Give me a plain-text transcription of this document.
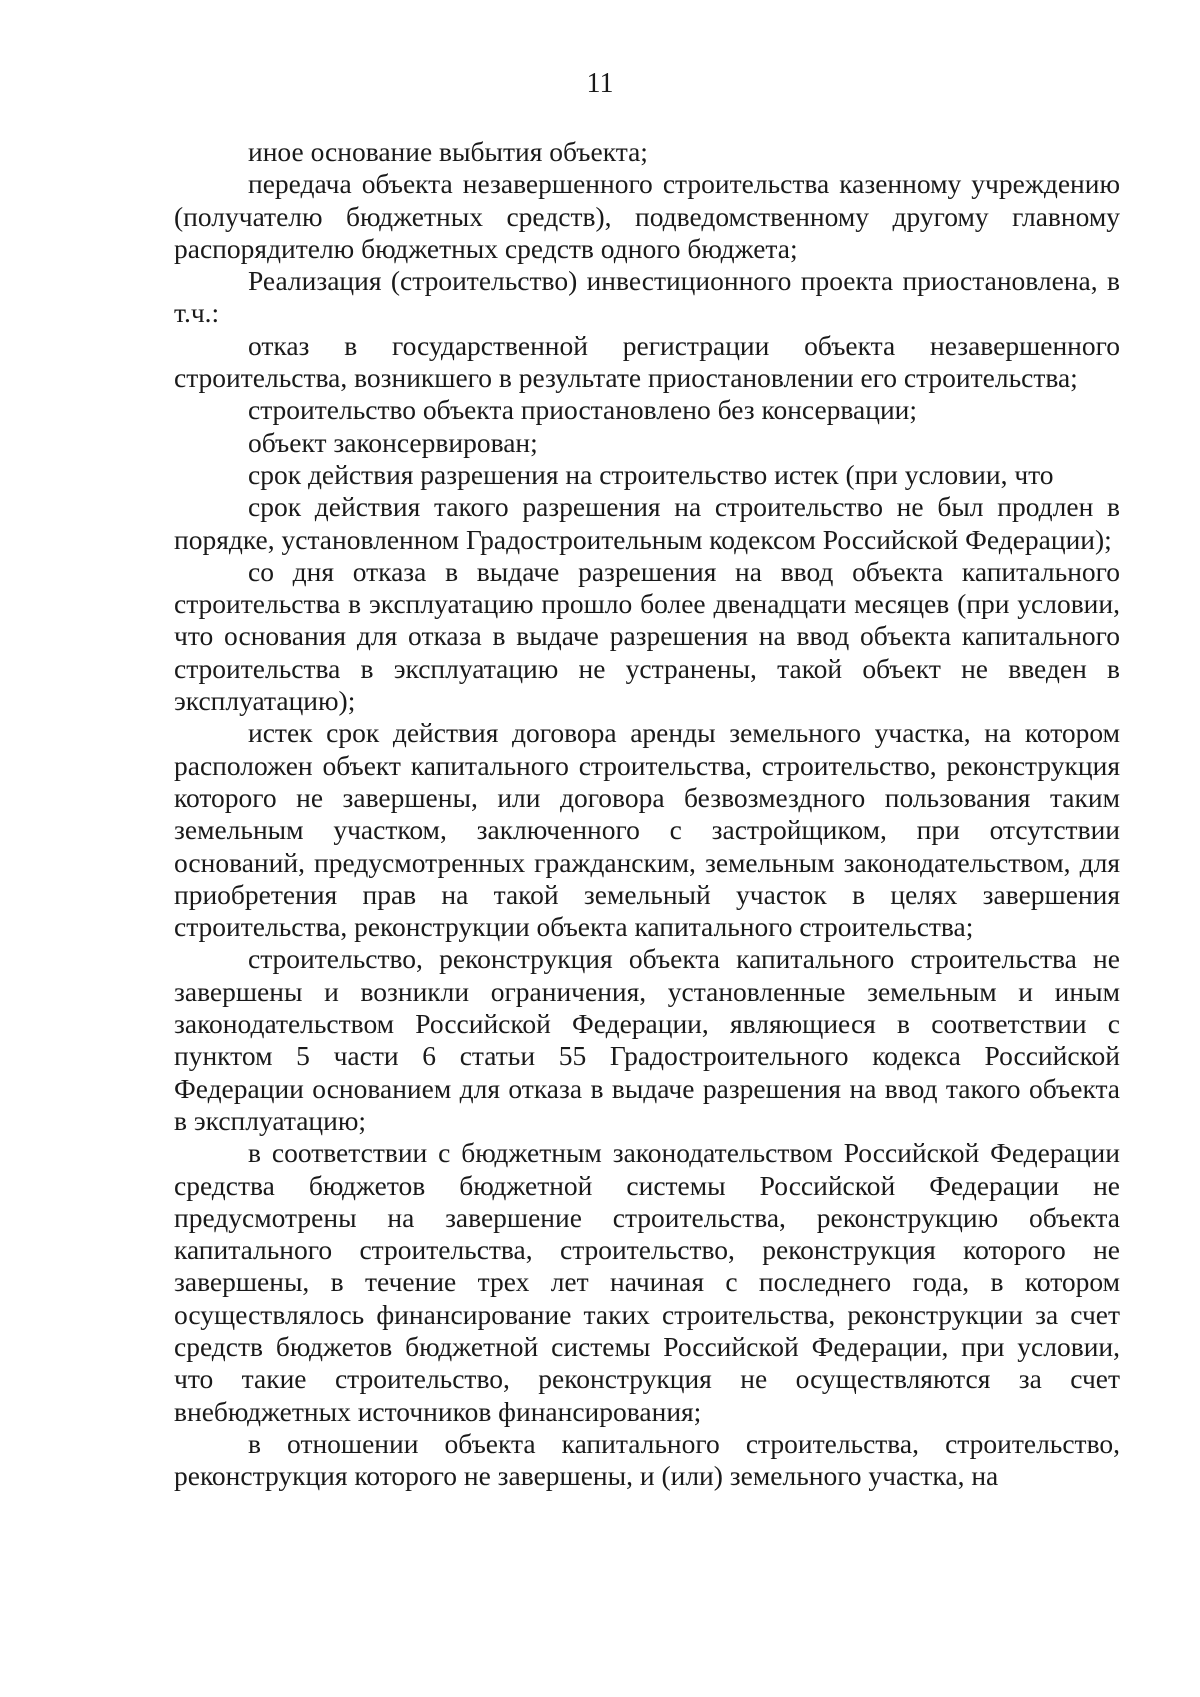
11

иное основание выбытия объекта;

передача объекта незавершенного строительства казенному учреждению (получателю бюджетных средств), подведомственному другому главному распорядителю бюджетных средств одного бюджета;

Реализация (строительство) инвестиционного проекта приостановлена, в т.ч.:

отказ в государственной регистрации объекта незавершенного строительства, возникшего в результате приостановлении его строительства;

строительство объекта приостановлено без консервации;

объект законсервирован;

срок действия разрешения на строительство истек (при условии, что

срок действия такого разрешения на строительство не был продлен в порядке, установленном Градостроительным кодексом Российской Федерации);

со дня отказа в выдаче разрешения на ввод объекта капитального строительства в эксплуатацию прошло более двенадцати месяцев (при условии, что основания для отказа в выдаче разрешения на ввод объекта капитального строительства в эксплуатацию не устранены, такой объект не введен в эксплуатацию);

истек срок действия договора аренды земельного участка, на котором расположен объект капитального строительства, строительство, реконструкция которого не завершены, или договора безвозмездного пользования таким земельным участком, заключенного с застройщиком, при отсутствии оснований, предусмотренных гражданским, земельным законодательством, для приобретения прав на такой земельный участок в целях завершения строительства, реконструкции объекта капитального строительства;

строительство, реконструкция объекта капитального строительства не завершены и возникли ограничения, установленные земельным и иным законодательством Российской Федерации, являющиеся в соответствии с пунктом 5 части 6 статьи 55 Градостроительного кодекса Российской Федерации основанием для отказа в выдаче разрешения на ввод такого объекта в эксплуатацию;

в соответствии с бюджетным законодательством Российской Федерации средства бюджетов бюджетной системы Российской Федерации не предусмотрены на завершение строительства, реконструкцию объекта капитального строительства, строительство, реконструкция которого не завершены, в течение трех лет начиная с последнего года, в котором осуществлялось финансирование таких строительства, реконструкции за счет средств бюджетов бюджетной системы Российской Федерации, при условии, что такие строительство, реконструкция не осуществляются за счет внебюджетных источников финансирования;

в отношении объекта капитального строительства, строительство, реконструкция которого не завершены, и (или) земельного участка, на
